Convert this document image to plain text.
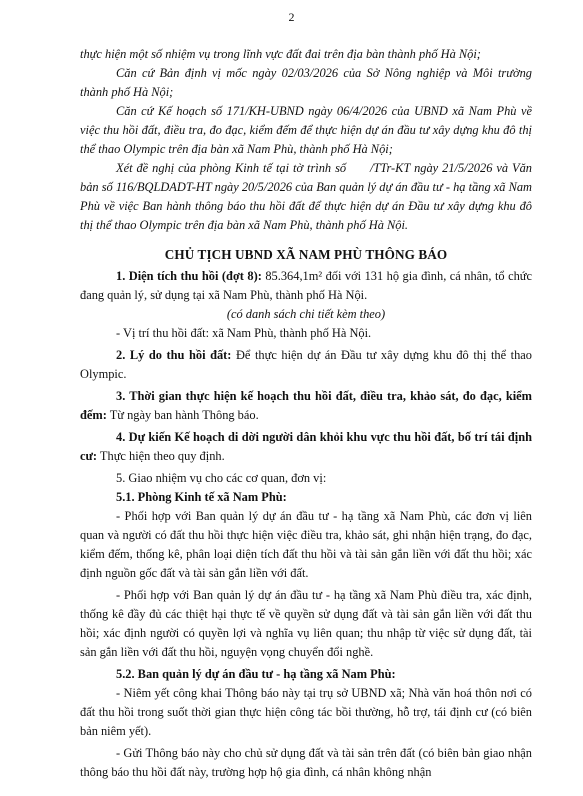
2

thực hiện một số nhiệm vụ trong lĩnh vực đất đai trên địa bàn thành phố Hà Nội;

Căn cứ Bản định vị mốc ngày 02/03/2026 của Sở Nông nghiệp và Môi trường thành phố Hà Nội;

Căn cứ Kế hoạch số 171/KH-UBND ngày 06/4/2026 của UBND xã Nam Phù về việc thu hồi đất, điều tra, đo đạc, kiểm đếm để thực hiện dự án đầu tư xây dựng khu đô thị thể thao Olympic trên địa bàn xã Nam Phù, thành phố Hà Nội;

Xét đề nghị của phòng Kinh tế tại tờ trình số      /TTr-KT ngày 21/5/2026 và Văn bản số 116/BQLDADT-HT ngày 20/5/2026 của Ban quản lý dự án đầu tư - hạ tầng xã Nam Phù về việc Ban hành thông báo thu hồi đất để thực hiện dự án Đầu tư xây dựng khu đô thị thể thao Olympic trên địa bàn xã Nam Phù, thành phố Hà Nội.

CHỦ TỊCH UBND XÃ NAM PHÙ THÔNG BÁO

1. Diện tích thu hồi (đợt 8): 85.364,1m² đối với 131 hộ gia đình, cá nhân, tổ chức đang quản lý, sử dụng tại xã Nam Phù, thành phố Hà Nội.

(có danh sách chi tiết kèm theo)

- Vị trí thu hồi đất: xã Nam Phù, thành phố Hà Nội.

2. Lý do thu hồi đất: Để thực hiện dự án Đầu tư xây dựng khu đô thị thể thao Olympic.

3. Thời gian thực hiện kế hoạch thu hồi đất, điều tra, khảo sát, đo đạc, kiểm đếm: Từ ngày ban hành Thông báo.

4. Dự kiến Kế hoạch di dời người dân khỏi khu vực thu hồi đất, bố trí tái định cư: Thực hiện theo quy định.

5. Giao nhiệm vụ cho các cơ quan, đơn vị:

5.1. Phòng Kinh tế xã Nam Phù:

- Phối hợp với Ban quản lý dự án đầu tư - hạ tầng xã Nam Phù, các đơn vị liên quan và người có đất thu hồi thực hiện việc điều tra, khảo sát, ghi nhận hiện trạng, đo đạc, kiểm đếm, thống kê, phân loại diện tích đất thu hồi và tài sản gắn liền với đất thu hồi; xác định nguồn gốc đất và tài sản gắn liền với đất.

- Phối hợp với Ban quản lý dự án đầu tư - hạ tầng xã Nam Phù điều tra, xác định, thống kê đầy đủ các thiệt hại thực tế về quyền sử dụng đất và tài sản gắn liền với đất thu hồi; xác định người có quyền lợi và nghĩa vụ liên quan; thu nhập từ việc sử dụng đất, tài sản gắn liền với đất thu hồi, nguyện vọng chuyển đổi nghề.

5.2. Ban quản lý dự án đầu tư - hạ tầng xã Nam Phù:

- Niêm yết công khai Thông báo này tại trụ sở UBND xã; Nhà văn hoá thôn nơi có đất thu hồi trong suốt thời gian thực hiện công tác bồi thường, hỗ trợ, tái định cư (có biên bản niêm yết).

- Gửi Thông báo này cho chủ sử dụng đất và tài sản trên đất (có biên bản giao nhận thông báo thu hồi đất này, trường hợp hộ gia đình, cá nhân không nhận
